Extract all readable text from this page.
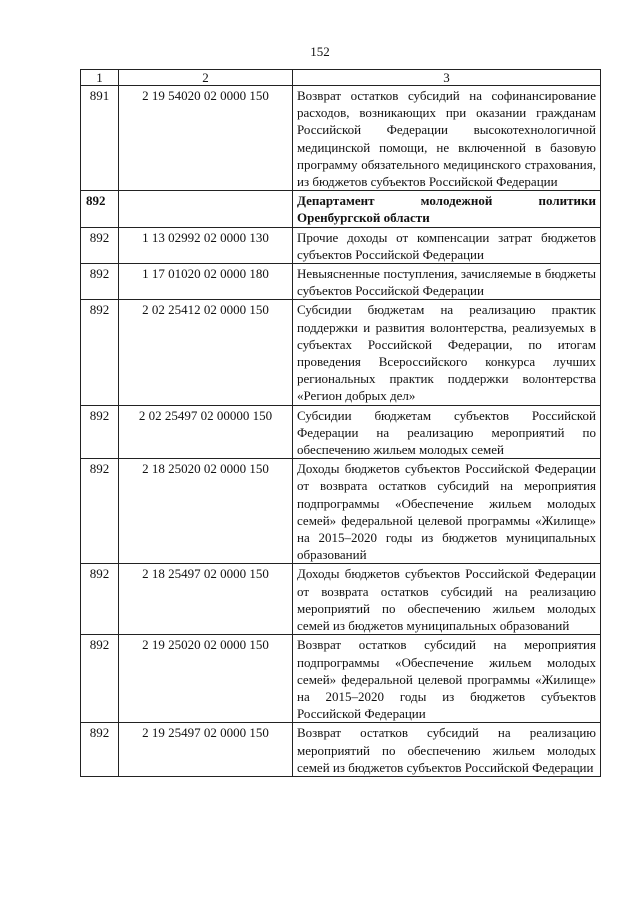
152
1	2	3
891	2 19 54020 02 0000 150	Возврат остатков субсидий на софинансирование расходов, возникающих при оказании гражданам Российской Федерации высокотехнологичной медицинской помощи, не включенной в базовую программу обязательного медицинского страхования, из бюджетов субъектов Российской Федерации
892		Департамент молодежной политики Оренбургской области
892	1 13 02992 02 0000 130	Прочие доходы от компенсации затрат бюджетов субъектов Российской Федерации
892	1 17 01020 02 0000 180	Невыясненные поступления, зачисляемые в бюджеты субъектов Российской Федерации
892	2 02 25412 02 0000 150	Субсидии бюджетам на реализацию практик поддержки и развития волонтерства, реализуемых в субъектах Российской Федерации, по итогам проведения Всероссийского конкурса лучших региональных практик поддержки волонтерства «Регион добрых дел»
892	2 02 25497 02 00000 150	Субсидии бюджетам субъектов Российской Федерации на реализацию мероприятий по обеспечению жильем молодых семей
892	2 18 25020 02 0000 150	Доходы бюджетов субъектов Российской Федерации от возврата остатков субсидий на мероприятия подпрограммы «Обеспечение жильем молодых семей» федеральной целевой программы «Жилище» на 2015–2020 годы из бюджетов муниципальных образований
892	2 18 25497 02 0000 150	Доходы бюджетов субъектов Российской Федерации от возврата остатков субсидий на реализацию мероприятий по обеспечению жильем молодых семей из бюджетов муниципальных образований
892	2 19 25020 02 0000 150	Возврат остатков субсидий на мероприятия подпрограммы «Обеспечение жильем молодых семей» федеральной целевой программы «Жилище» на 2015–2020 годы из бюджетов субъектов Российской Федерации
892	2 19 25497 02 0000 150	Возврат остатков субсидий на реализацию мероприятий по обеспечению жильем молодых семей из бюджетов субъектов Российской Федерации
